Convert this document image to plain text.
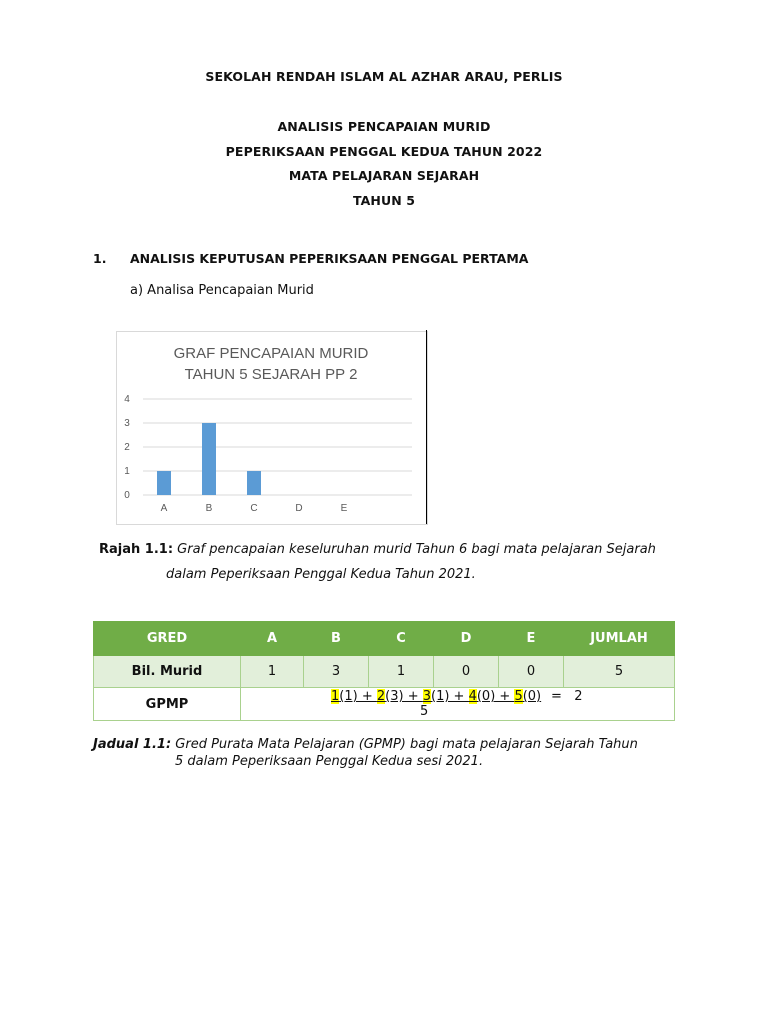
SEKOLAH RENDAH ISLAM AL AZHAR ARAU, PERLIS
ANALISIS PENCAPAIAN MURID
PEPERIKSAAN PENGGAL KEDUA TAHUN 2022
MATA PELAJARAN SEJARAH
TAHUN 5
1. ANALISIS KEPUTUSAN PEPERIKSAAN PENGGAL PERTAMA
a) Analisa Pencapaian Murid
GRAF PENCAPAIAN MURID
TAHUN 5 SEJARAH PP 2
0
1
2
3
4
A	B	C	D	E
Rajah 1.1: Graf pencapaian keseluruhan murid Tahun 6 bagi mata pelajaran Sejarah
dalam Peperiksaan Penggal Kedua Tahun 2021.
GRED	A	B	C	D	E	JUMLAH
Bil. Murid	1	3	1	0	0	5
GPMP	1(1) + 2(3) + 3(1) + 4(0) + 5(0) =   2
5					
Jadual 1.1: Gred Purata Mata Pelajaran (GPMP) bagi mata pelajaran Sejarah Tahun
5 dalam Peperiksaan Penggal Kedua sesi 2021.
